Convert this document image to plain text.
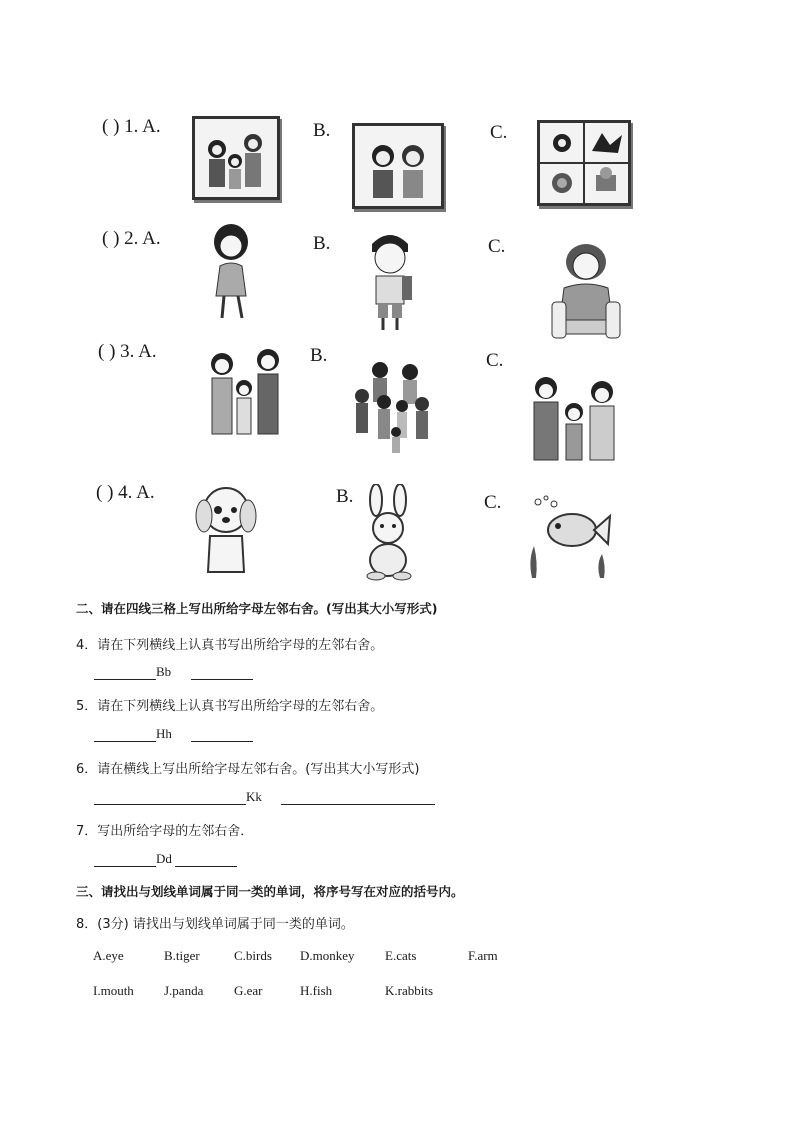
( ) 1. A.	B.	C.
( ) 2. A.	B.	C.
( ) 3. A.	B.	C.
( ) 4. A.	B.	C.
二、请在四线三格上写出所给字母左邻右舍。(写出其大小写形式)
4．请在下列横线上认真书写出所给字母的左邻右舍。
Bb
5．请在下列横线上认真书写出所给字母的左邻右舍。
Hh
6．请在横线上写出所给字母左邻右舍。(写出其大小写形式)
Kk
7．写出所给字母的左邻右舍．
Dd
三、请找出与划线单词属于同一类的单词，将序号写在对应的括号内。
8．(3分) 请找出与划线单词属于同一类的单词。
A.eye	B.tiger	C.birds D.monkey E.cats	F.arm
I.mouth J.panda G.ear	H.fish	K.rabbits
